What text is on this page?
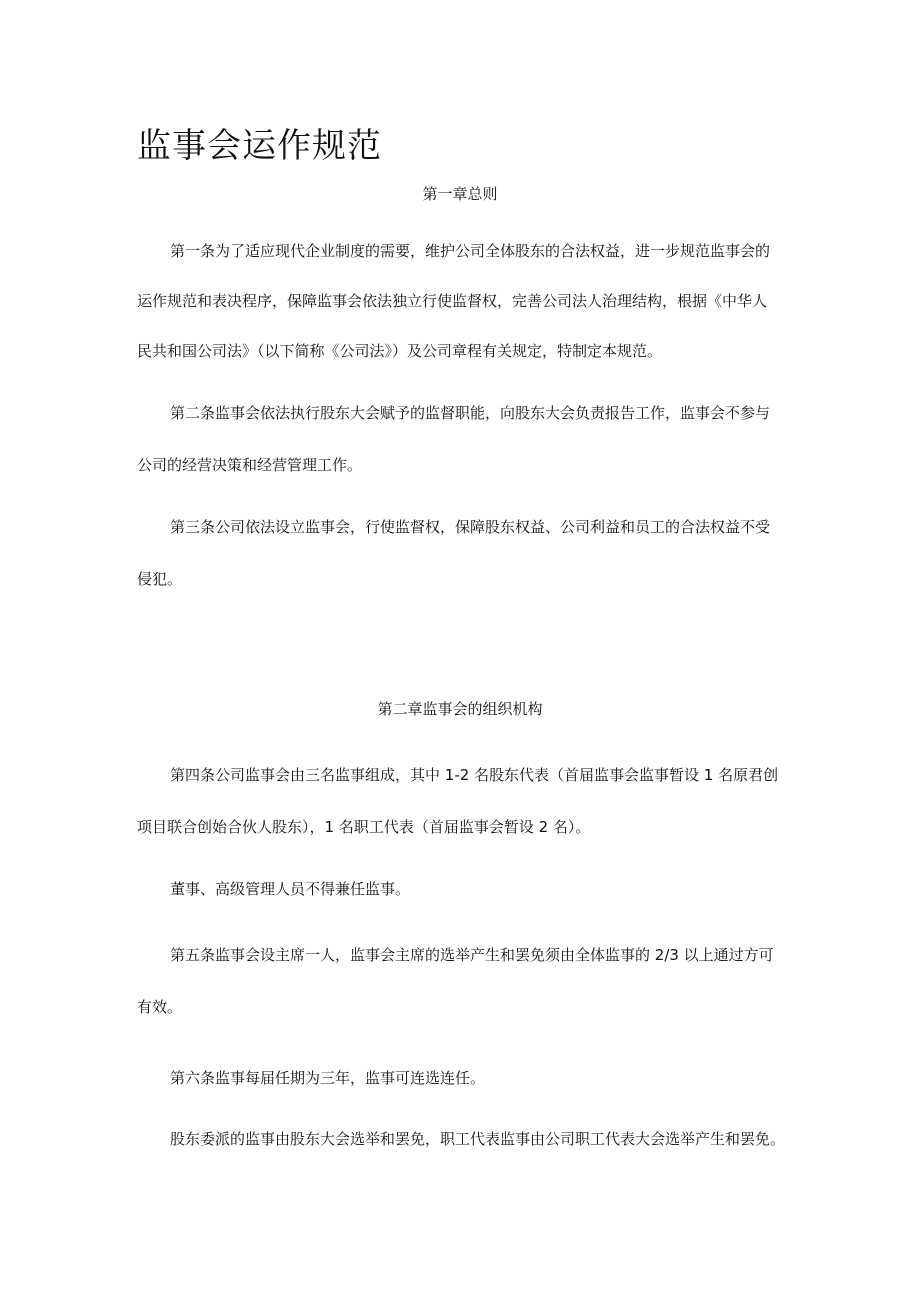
监事会运作规范
第一章总则
第一条为了适应现代企业制度的需要，维护公司全体股东的合法权益，进一步规范监事会的
运作规范和表决程序，保障监事会依法独立行使监督权，完善公司法人治理结构，根据《中华人
民共和国公司法》（以下简称《公司法》）及公司章程有关规定，特制定本规范。
第二条监事会依法执行股东大会赋予的监督职能，向股东大会负责报告工作，监事会不参与
公司的经营决策和经营管理工作。
第三条公司依法设立监事会，行使监督权，保障股东权益、公司利益和员工的合法权益不受
侵犯。
第二章监事会的组织机构
第四条公司监事会由三名监事组成，其中 1-2 名股东代表（首届监事会监事暂设 1 名原君创
项目联合创始合伙人股东），1 名职工代表（首届监事会暂设 2 名）。
董事、高级管理人员不得兼任监事。
第五条监事会设主席一人，监事会主席的选举产生和罢免须由全体监事的 2/3 以上通过方可
有效。
第六条监事每届任期为三年，监事可连选连任。
股东委派的监事由股东大会选举和罢免，职工代表监事由公司职工代表大会选举产生和罢免。
